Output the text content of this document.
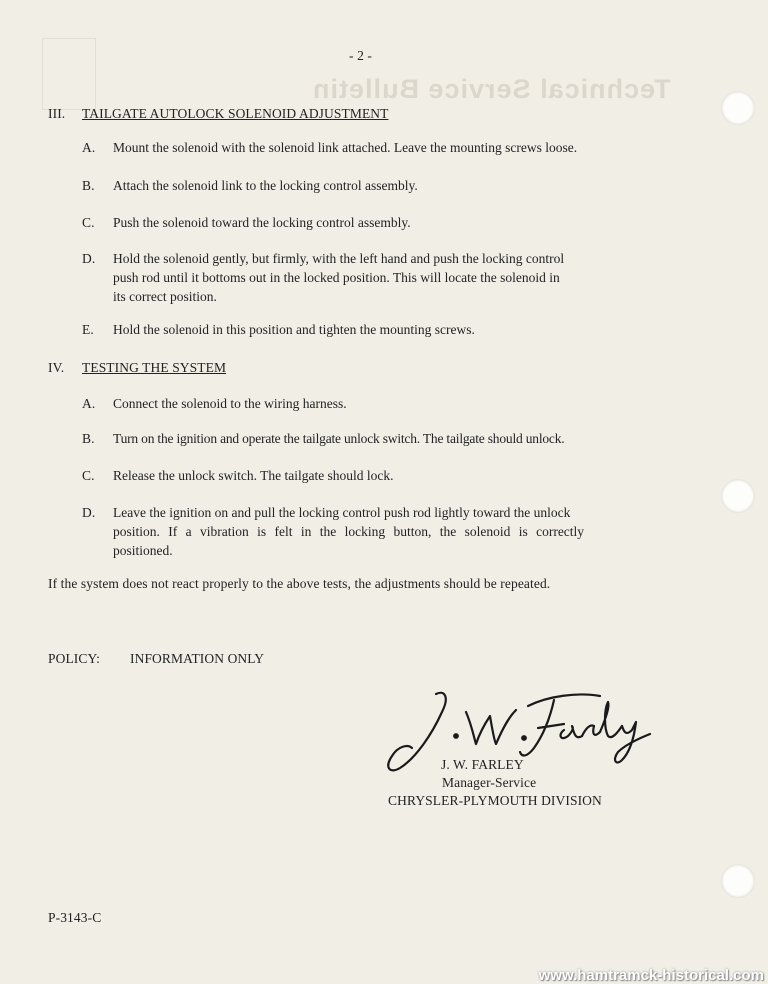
Technical Service Bulletin
- 2 -
III. TAILGATE AUTOLOCK SOLENOID ADJUSTMENT
A. Mount the solenoid with the solenoid link attached. Leave the mounting screws loose.
B. Attach the solenoid link to the locking control assembly.
C. Push the solenoid toward the locking control assembly.
D. Hold the solenoid gently, but firmly, with the left hand and push the locking control
push rod until it bottoms out in the locked position. This will locate the solenoid in
its correct position.
E. Hold the solenoid in this position and tighten the mounting screws.
IV. TESTING THE SYSTEM
A. Connect the solenoid to the wiring harness.
B. Turn on the ignition and operate the tailgate unlock switch. The tailgate should unlock.
C. Release the unlock switch. The tailgate should lock.
D. Leave the ignition on and pull the locking control push rod lightly toward the unlock
position. If a vibration is felt in the locking button, the solenoid is correctly
positioned.
If the system does not react properly to the above tests, the adjustments should be repeated.
POLICY: INFORMATION ONLY
J. W. FARLEY
Manager-Service
CHRYSLER-PLYMOUTH DIVISION
P-3143-C
www.hamtramck-historical.com
